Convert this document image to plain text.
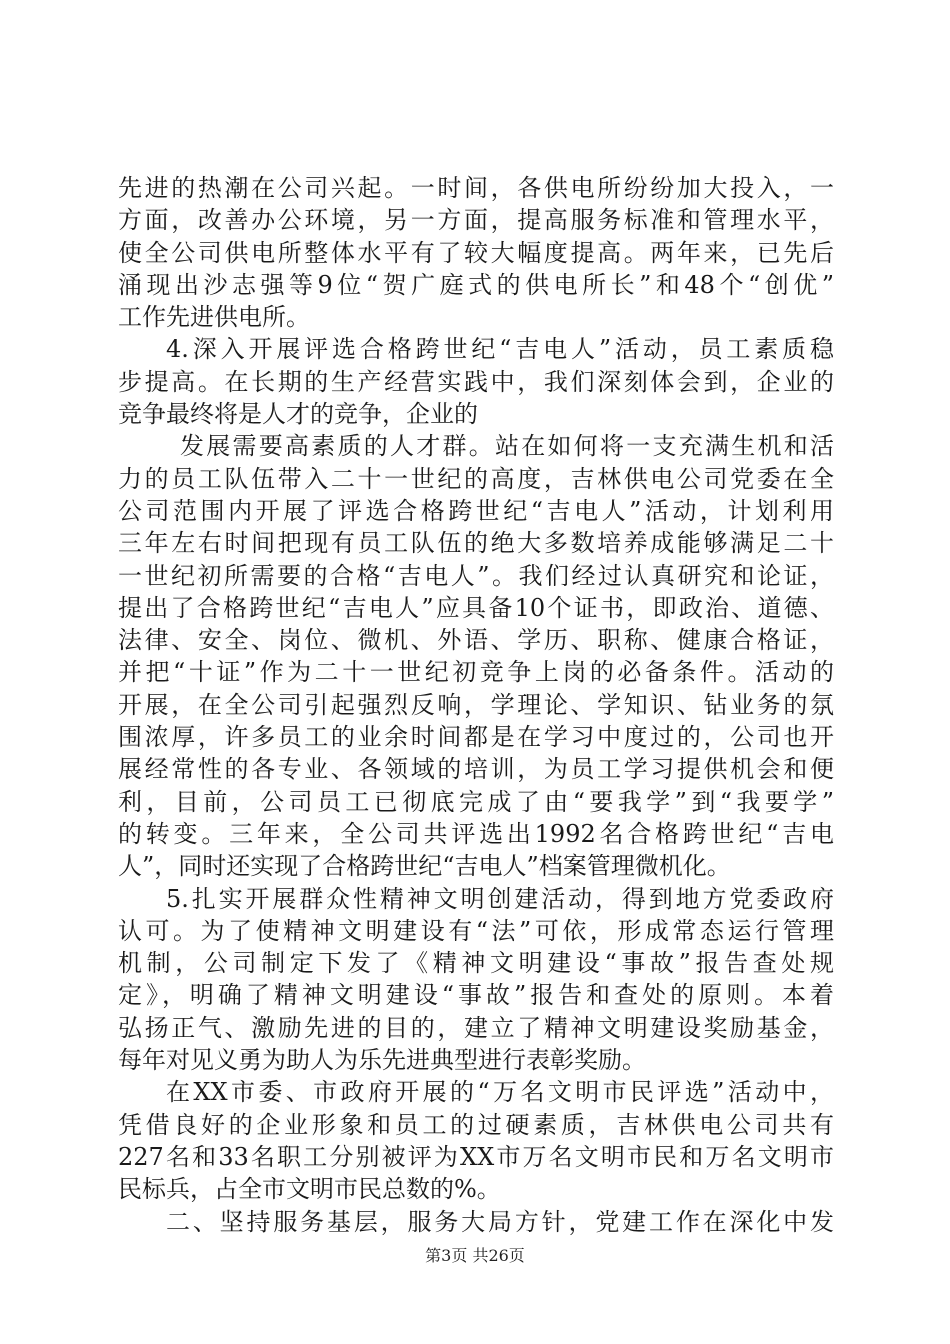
先进的热潮在公司兴起。一时间，各供电所纷纷加大投入，一
方面，改善办公环境，另一方面，提高服务标准和管理水平，
使全公司供电所整体水平有了较大幅度提高。两年来，已先后
涌现出沙志强等9位“贺广庭式的供电所长”和48个“创优”
工作先进供电所。
4.深入开展评选合格跨世纪“吉电人”活动，员工素质稳
步提高。在长期的生产经营实践中，我们深刻体会到，企业的
竞争最终将是人才的竞争，企业的
发展需要高素质的人才群。站在如何将一支充满生机和活
力的员工队伍带入二十一世纪的高度，吉林供电公司党委在全
公司范围内开展了评选合格跨世纪“吉电人”活动，计划利用
三年左右时间把现有员工队伍的绝大多数培养成能够满足二十
一世纪初所需要的合格“吉电人”。我们经过认真研究和论证，
提出了合格跨世纪“吉电人”应具备10个证书，即政治、道德、
法律、安全、岗位、微机、外语、学历、职称、健康合格证，
并把“十证”作为二十一世纪初竞争上岗的必备条件。活动的
开展，在全公司引起强烈反响，学理论、学知识、钻业务的氛
围浓厚，许多员工的业余时间都是在学习中度过的，公司也开
展经常性的各专业、各领域的培训，为员工学习提供机会和便
利，目前，公司员工已彻底完成了由“要我学”到“我要学”
的转变。三年来，全公司共评选出1992名合格跨世纪“吉电
人”，同时还实现了合格跨世纪“吉电人”档案管理微机化。
5.扎实开展群众性精神文明创建活动，得到地方党委政府
认可。为了使精神文明建设有“法”可依，形成常态运行管理
机制，公司制定下发了《精神文明建设“事故”报告查处规
定》，明确了精神文明建设“事故”报告和查处的原则。本着
弘扬正气、激励先进的目的，建立了精神文明建设奖励基金，
每年对见义勇为助人为乐先进典型进行表彰奖励。
在XX市委、市政府开展的“万名文明市民评选”活动中，
凭借良好的企业形象和员工的过硬素质，吉林供电公司共有
227名和33名职工分别被评为XX市万名文明市民和万名文明市
民标兵，占全市文明市民总数的%。
二、坚持服务基层，服务大局方针，党建工作在深化中发
第3页 共26页
